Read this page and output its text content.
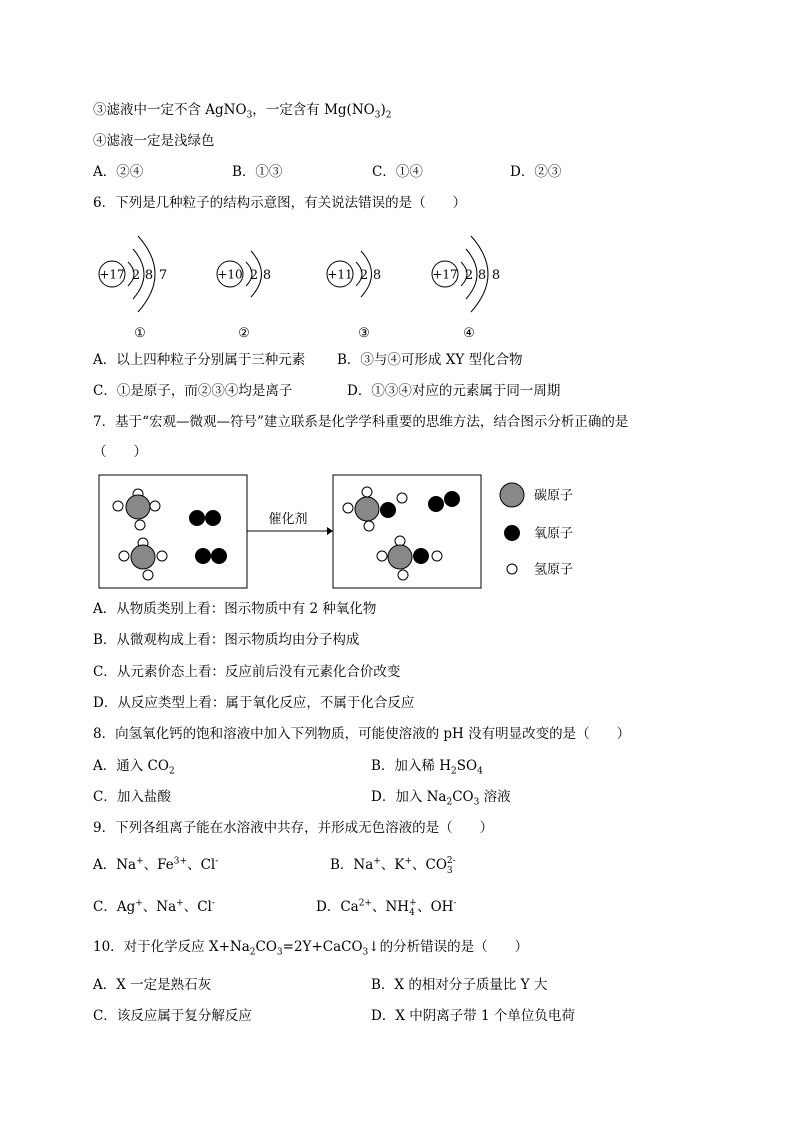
③滤液中一定不含 AgNO$_3$，一定含有 $Mg(NO_3)_2$
④滤液一定是浅绿色
A．②④	B．①③	C．①④	D．②③
6．下列是几种粒子的结构示意图，有关说法错误的是（　　）
+17 2 8 7	+10 2 8	+11 2 8	+17 2 8 8
①	②	③	④
A．以上四种粒子分别属于三种元素 B．③与④可形成 XY 型化合物
C．①是原子，而②③④均是离子	D．①③④对应的元素属于同一周期
7．基于“宏观—微观—符号”建立联系是化学学科重要的思维方法，结合图示分析正确的是
（　　）
催化剂
碳原子
氧原子
氢原子
A．从物质类别上看：图示物质中有 2 种氧化物
B．从微观构成上看：图示物质均由分子构成
C．从元素价态上看：反应前后没有元素化合价改变
D．从反应类型上看：属于氧化反应，不属于化合反应
8．向氢氧化钙的饱和溶液中加入下列物质，可能使溶液的 pH 没有明显改变的是（　　）
A．通入 $CO_2$	B．加入稀 $H_2SO_4$
C．加入盐酸	D．加入 $Na_2CO_3$ 溶液
9．下列各组离子能在水溶液中共存，并形成无色溶液的是（　　）
A．Na+、$Fe^{3+}$、Cl-	B．Na+、K+、CO 2-
3
C．Ag+、Na+、Cl-	D．$Ca^{2+}$、NH +
4 、OH-
10．对于化学反应 $X+Na_2CO_3=2Y+CaCO_3↓$的分析错误的是（　　）
A．X 一定是熟石灰	B．X 的相对分子质量比 Y 大
C．该反应属于复分解反应	D．X 中阴离子带 1 个单位负电荷
